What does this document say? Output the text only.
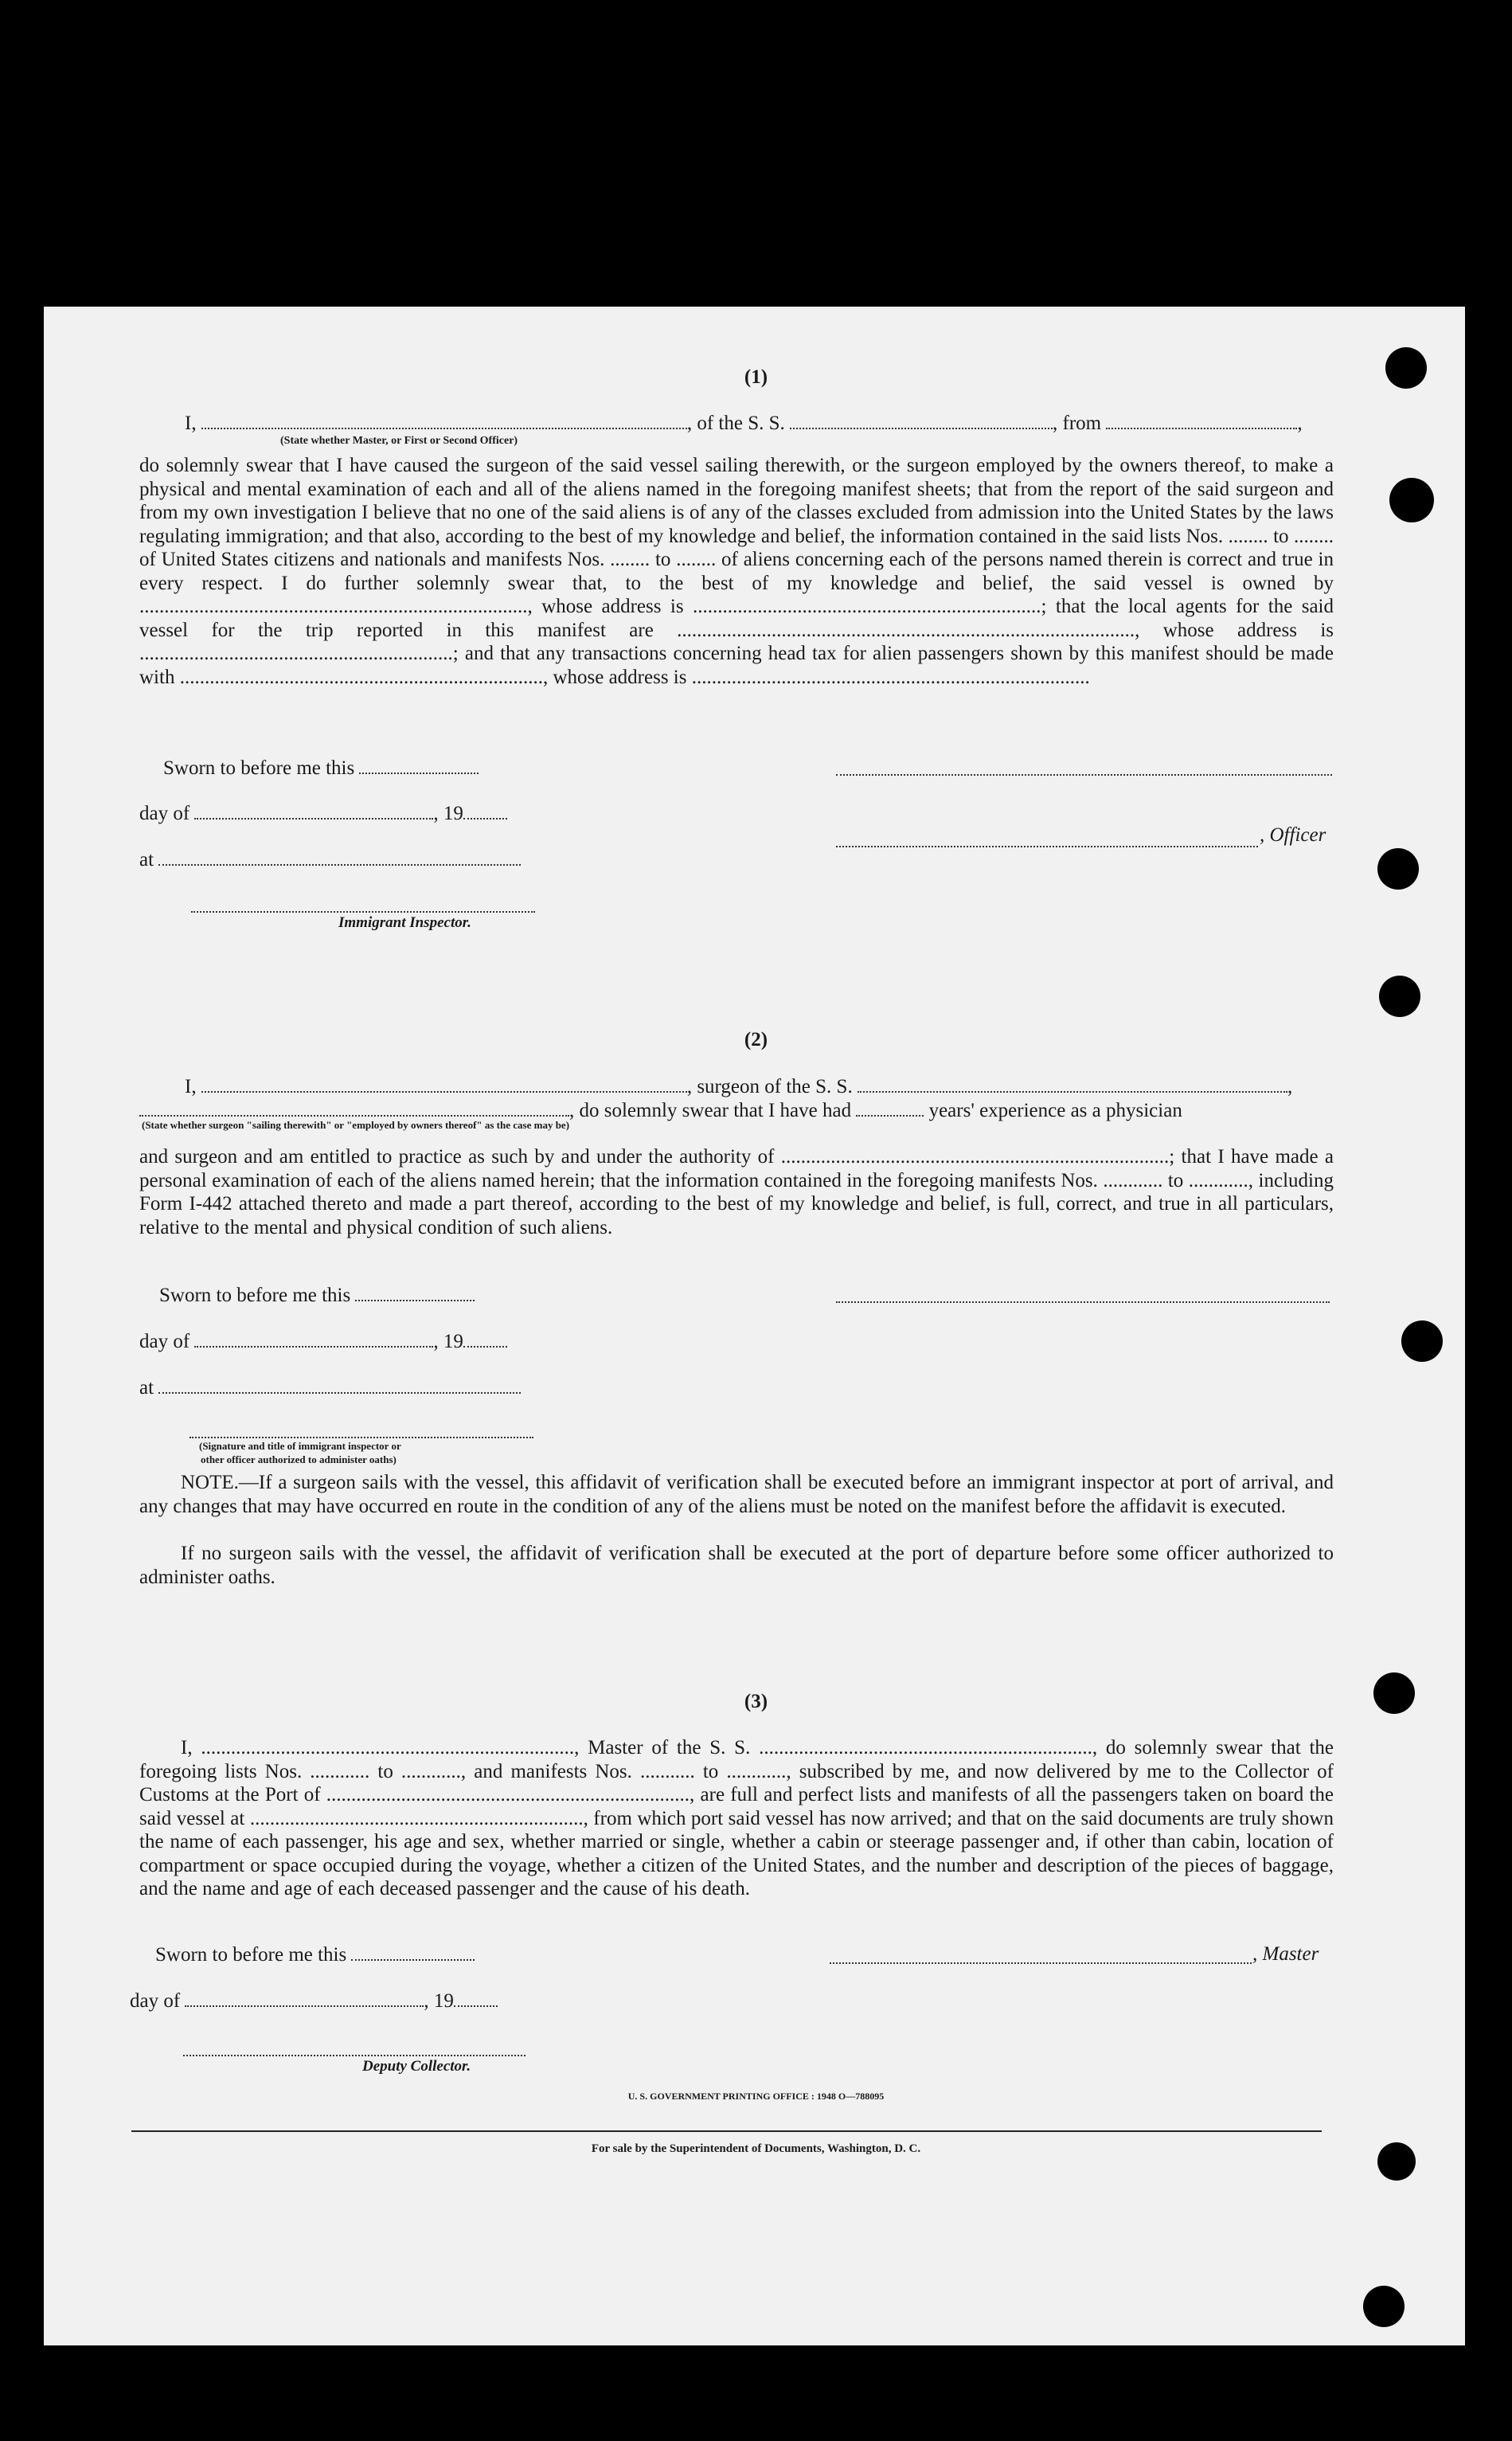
(1)
I,	, of the S. S.	, from	,
(State whether Master, or First or Second Officer)
do solemnly swear that I have caused the surgeon of the said vessel sailing therewith, or the surgeon employed by the owners thereof, to make a physical and mental examination of each and all of the aliens named in the foregoing manifest sheets; that from the report of the said surgeon and from my own investigation I believe that no one of the said aliens is of any of the classes excluded from admission into the United States by the laws regulating immigration; and that also, according to the best of my knowledge and belief, the information contained in the said lists Nos. ........ to ........ of United States citizens and nationals and manifests Nos. ........ to ........ of aliens concerning each of the persons named therein is correct and true in every respect. I do further solemnly swear that, to the best of my knowledge and belief, the said vessel is owned by .............................................................................., whose address is ......................................................................; that the local agents for the said vessel for the trip reported in this manifest are ............................................................................................, whose address is ...............................................................; and that any transactions concerning head tax for alien passengers shown by this manifest should be made with ........................................................................., whose address is ................................................................................
Sworn to before me this
day of	, 19
at
Immigrant Inspector.
, Officer
(2)
I,	, surgeon of the S. S.	,
, do solemnly swear that I have had	years' experience as a physician
(State whether surgeon "sailing therewith" or "employed by owners thereof" as the case may be)
and surgeon and am entitled to practice as such by and under the authority of ..............................................................................; that I have made a personal examination of each of the aliens named herein; that the information contained in the foregoing manifests Nos. ............ to ............, including Form I-442 attached thereto and made a part thereof, according to the best of my knowledge and belief, is full, correct, and true in all particulars, relative to the mental and physical condition of such aliens.
Sworn to before me this
day of	, 19
at
(Signature and title of immigrant inspector or
other officer authorized to administer oaths)
NOTE.—If a surgeon sails with the vessel, this affidavit of verification shall be executed before an immigrant inspector at port of arrival, and any changes that may have occurred en route in the condition of any of the aliens must be noted on the manifest before the affidavit is executed.
If no surgeon sails with the vessel, the affidavit of verification shall be executed at the port of departure before some officer authorized to administer oaths.
(3)
I, ..........................................................................., Master of the S. S. ..................................................................., do solemnly swear that the foregoing lists Nos. ............ to ............, and manifests Nos. ........... to ............, subscribed by me, and now delivered by me to the Collector of Customs at the Port of ........................................................................., are full and perfect lists and manifests of all the passengers taken on board the said vessel at ..................................................................., from which port said vessel has now arrived; and that on the said documents are truly shown the name of each passenger, his age and sex, whether married or single, whether a cabin or steerage passenger and, if other than cabin, location of compartment or space occupied during the voyage, whether a citizen of the United States, and the number and description of the pieces of baggage, and the name and age of each deceased passenger and the cause of his death.
Sworn to before me this	, Master
day of	, 19
Deputy Collector.
U. S. GOVERNMENT PRINTING OFFICE : 1948 O—788095
For sale by the Superintendent of Documents, Washington, D. C.
